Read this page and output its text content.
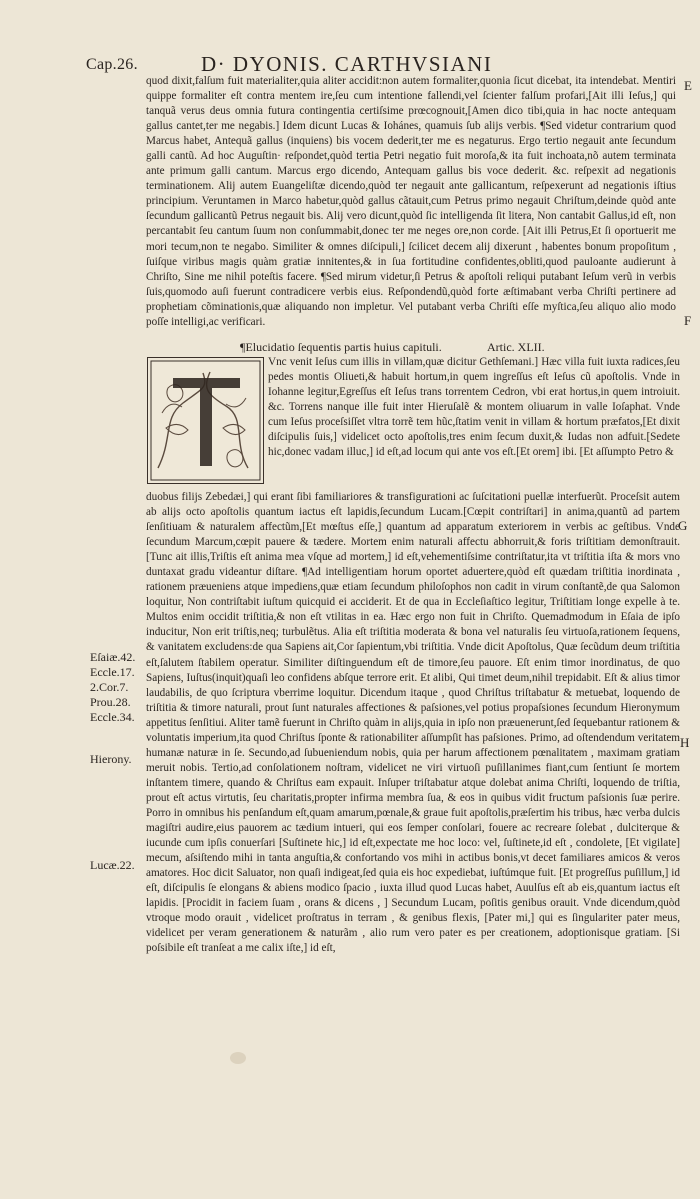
Cap.26.	D· DYONIS. CARTHVSIANI
E
F
G
H

quod dixit,falſum fuit materialiter,quia aliter accidit:non autem formaliter,quonia ſicut dicebat, ita intendebat. Mentiri quippe formaliter eſt contra mentem ire,ſeu cum intentione fallendi,vel ſcienter falſum profari,[Ait illi Ieſus,] qui tanquã verus deus omnia futura contingentia certiſsime prœcognouit,[Amen dico tibi,quia in hac nocte antequam gallus cantet,ter me negabis.] Idem dicunt Lucas & Iohánes, quamuis ſub alijs verbis. ¶Sed videtur contrarium quod Marcus habet, Antequã gallus (inquiens) bis vocem dederit,ter me es negaturus. Ergo tertio negauit ante ſecundum galli cantũ. Ad hoc Auguſtin· reſpondet,quòd tertia Petri negatio fuit moroſa,& ita fuit inchoata,nõ autem terminata ante primum galli cantum. Marcus ergo dicendo, Antequam gallus bis voce dederit. &c. reſpexit ad negationis terminationem. Alij autem Euangeliſtæ dicendo,quòd ter negauit ante gallicantum, reſpexerunt ad negationis iſtius principium. Veruntamen in Marco habetur,quòd gallus cãtauit,cum Petrus primo negauit Chriſtum,deinde quòd ante ſecundum gallicantũ Petrus negauit bis. Alij vero dicunt,quòd ſic intelligenda ſit litera, Non cantabit Gallus,id eſt, non percantabit ſeu cantum ſuum non conſummabit,donec ter me neges ore,non corde. [Ait illi Petrus,Et ſi oportuerit me mori tecum,non te negabo. Similiter & omnes diſcipuli,] ſcilicet decem alij dixerunt , habentes bonum propoſitum , ſuiſque viribus magis quàm gratiæ innitentes,& in ſua fortitudine confidentes,obliti,quod pauloante audierunt à Chriſto, Sine me nihil poteſtis facere. ¶Sed mirum videtur,ſi Petrus & apoſtoli reliqui putabant Ieſum verũ in verbis ſuis,quomodo auſi fuerunt contradicere verbis eius. Reſpondendũ,quòd forte æſtimabant verba Chriſti pertinere ad prophetiam cõminationis,quæ aliquando non impletur. Vel putabant verba Chriſti eſſe myſtica,ſeu aliquo alio modo poſſe intelligi,ac verificari.

¶Elucidatio ſequentis partis huius capituli.	Artic. XLII.
Vnc venit Ieſus cum illis in villam,quæ dicitur Gethſemani.] Hæc villa fuit iuxta radices,ſeu pedes montis Oliueti,& habuit hortum,in quem ingreſſus eſt Ieſus cũ apoſtolis. Vnde in Iohanne legitur,Egreſſus eſt Ieſus trans torrentem Cedron, vbi erat hortus,in quem introiuit. &c. Torrens nanque ille fuit inter Hieruſalẽ & montem oliuarum in valle Ioſaphat. Vnde cum Ieſus proceſsiſſet vltra torrẽ tem hũc,ſtatim venit in villam & hortum præfatos,[Et dixit diſcipulis ſuis,] videlicet octo apoſtolis,tres enim ſecum duxit,& Iudas non adfuit.[Sedete hic,donec vadam illuc,] id eſt,ad locum qui ante vos eſt.[Et orem] ibi. [Et aſſumpto Petro &
duobus filijs Zebedæi,] qui erant ſibi familiariores & transfigurationi ac ſuſcitationi puellæ interfuerũt. Proceſsit autem ab alijs octo apoſtolis quantum iactus eſt lapidis,ſecundum Lucam.[Cœpit contriſtari] in anima,quantũ ad partem ſenſitiuam & naturalem affectũm,[Et mœſtus eſſe,] quantum ad apparatum exteriorem in verbis ac geſtibus. Vnde ſecundum Marcum,cœpit pauere & tædere. Mortem enim naturali affectu abhorruit,& foris triſtitiam demonſtrauit.[Tunc ait illis,Triſtis eſt anima mea vſque ad mortem,] id eſt,vehementiſsime contriſtatur,ita vt triſtitia iſta & mors vno duntaxat gradu videantur diſtare. ¶Ad intelligentiam horum oportet aduertere,quòd eſt quædam triſtitia inordinata , rationem præueniens atque impediens,quæ etiam ſecundum philoſophos non cadit in virum conſtantẽ,de qua Salomon loquitur, Non contriſtabit iuſtum quicquid ei acciderit. Et de qua in Eccleſiaſtico legitur, Triſtitiam longe expelle à te. Multos enim occidit triſtitia,& non eſt vtilitas in ea. Hæc ergo non fuit in Chriſto. Quemadmodum in Eſaia de ipſo inducitur, Non erit triſtis,neq; turbulẽtus. Alia eſt triſtitia moderata & bona vel naturalis ſeu virtuoſa,rationem ſequens, & vanitatem excludens:de qua Sapiens ait,Cor ſapientum,vbi triſtitia. Vnde dicit Apoſtolus, Quæ ſecũdum deum triſtitia eſt,ſalutem ſtabilem operatur. Similiter diſtinguendum eſt de timore,ſeu pauore. Eſt enim timor inordinatus, de quo Sapiens, Iuſtus(inquit)quaſi leo confidens abſque terrore erit. Et alibi, Qui timet deum,nihil trepidabit. Eſt & alius timor laudabilis, de quo ſcriptura vberrime loquitur. Dicendum itaque , quod Chriſtus triſtabatur & metuebat, loquendo de triſtitia & timore naturali, prout ſunt naturales affectiones & paſsiones,vel potius propaſsiones ſecundum Hieronymum appetitus ſenſitiui. Aliter tamẽ fuerunt in Chriſto quàm in alijs,quia in ipſo non præuenerunt,ſed ſequebantur rationem & voluntatis imperium,ita quod Chriſtus ſponte & rationabiliter aſſumpſit has paſsiones. Primo, ad oſtendendum veritatem humanæ naturæ in ſe. Secundo,ad ſubueniendum nobis, quia per harum affectionem pœnalitatem , maximam gratiam meruit nobis. Tertio,ad conſolationem noſtram, videlicet ne viri virtuoſi puſillanimes fiant,cum ſentiunt ſe mortem inſtantem timere, quando & Chriſtus eam expauit. Inſuper triſtabatur atque dolebat anima Chriſti, loquendo de triſtia, prout eſt actus virtutis, ſeu charitatis,propter infirma membra ſua, & eos in quibus vidit fructum paſsionis ſuæ perire. Porro in omnibus his penſandum eſt,quam amarum,pœnale,& graue fuit apoſtolis,præſertim his tribus, hæc verba dulcis magiſtri audire,eius pauorem ac tædium intueri, qui eos ſemper conſolari, fouere ac recreare ſolebat , dulciterque & iucunde cum ipſis conuerſari [Suſtinete hic,] id eſt,expectate me hoc loco: vel, ſuſtinete,id eſt , condolete, [Et vigilate] mecum, aſsiſtendo mihi in tanta anguſtia,& confortando vos mihi in actibus bonis,vt decet familiares amicos & veros amatores. Hoc dicit Saluator, non quaſi indigeat,ſed quia eis hoc expediebat, iuſtúmque fuit. [Et progreſſus puſillum,] id eſt, diſcipulis ſe elongans & abiens modico ſpacio , iuxta illud quod Lucas habet, Auulſus eſt ab eis,quantum iactus eſt lapidis. [Procidit in faciem ſuam , orans & dicens , ] Secundum Lucam, poſitis genibus orauit. Vnde dicendum,quòd vtroque modo orauit , videlicet proſtratus in terram , & genibus flexis, [Pater mi,] qui es ſingulariter pater meus, videlicet per veram generationem & naturãm , alio rum vero pater es per creationem, adoptionisque gratiam. [Si poſsibile eſt tranſeat a me calix iſte,] id eſt,
Eſaiæ.42.
Eccle.17.
2.Cor.7.
Prou.28.
Eccle.34.
Hierony.
Lucæ.22.
